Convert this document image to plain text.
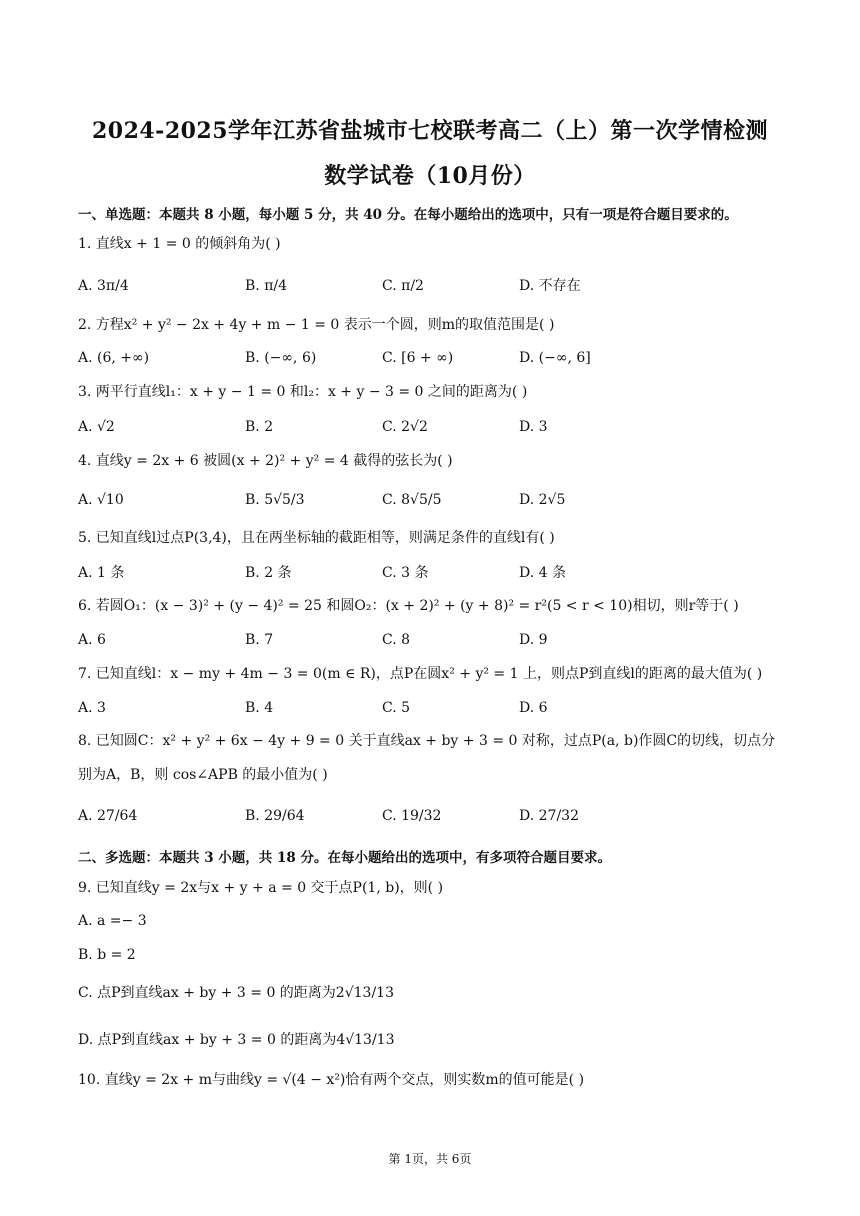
2024-2025学年江苏省盐城市七校联考高二（上）第一次学情检测
数学试卷（10月份）
一、单选题：本题共 8 小题，每小题 5 分，共 40 分。在每小题给出的选项中，只有一项是符合题目要求的。
1. 直线x + 1 = 0 的倾斜角为( )
A. 3π/4	B. π/4	C. π/2	D. 不存在
2. 方程x² + y² − 2x + 4y + m − 1 = 0 表示一个圆，则m的取值范围是( )
A. (6, +∞)	B. (−∞, 6)	C. [6 + ∞)	D. (−∞, 6]
3. 两平行直线l₁：x + y − 1 = 0 和l₂：x + y − 3 = 0 之间的距离为( )
A. √2	B. 2	C. 2√2	D. 3
4. 直线y = 2x + 6 被圆(x + 2)² + y² = 4 截得的弦长为( )
A. √10	B. 5√5/3	C. 8√5/5	D. 2√5
5. 已知直线l过点P(3,4)，且在两坐标轴的截距相等，则满足条件的直线l有( )
A. 1 条	B. 2 条	C. 3 条	D. 4 条
6. 若圆O₁：(x − 3)² + (y − 4)² = 25 和圆O₂：(x + 2)² + (y + 8)² = r²(5 < r < 10)相切，则r等于( )
A. 6	B. 7	C. 8	D. 9
7. 已知直线l：x − my + 4m − 3 = 0(m ∈ R)，点P在圆x² + y² = 1 上，则点P到直线l的距离的最大值为( )
A. 3	B. 4	C. 5	D. 6
8. 已知圆C：x² + y² + 6x − 4y + 9 = 0 关于直线ax + by + 3 = 0 对称，过点P(a, b)作圆C的切线，切点分
别为A，B，则 cos∠APB 的最小值为( )
A. 27/64	B. 29/64	C. 19/32	D. 27/32
二、多选题：本题共 3 小题，共 18 分。在每小题给出的选项中，有多项符合题目要求。
9. 已知直线y = 2x与x + y + a = 0 交于点P(1, b)，则( )
A. a =− 3
B. b = 2
C. 点P到直线ax + by + 3 = 0 的距离为2√13/13
D. 点P到直线ax + by + 3 = 0 的距离为4√13/13
10. 直线y = 2x + m与曲线y = √(4 − x²)恰有两个交点，则实数m的值可能是( )
第 1页，共 6页
